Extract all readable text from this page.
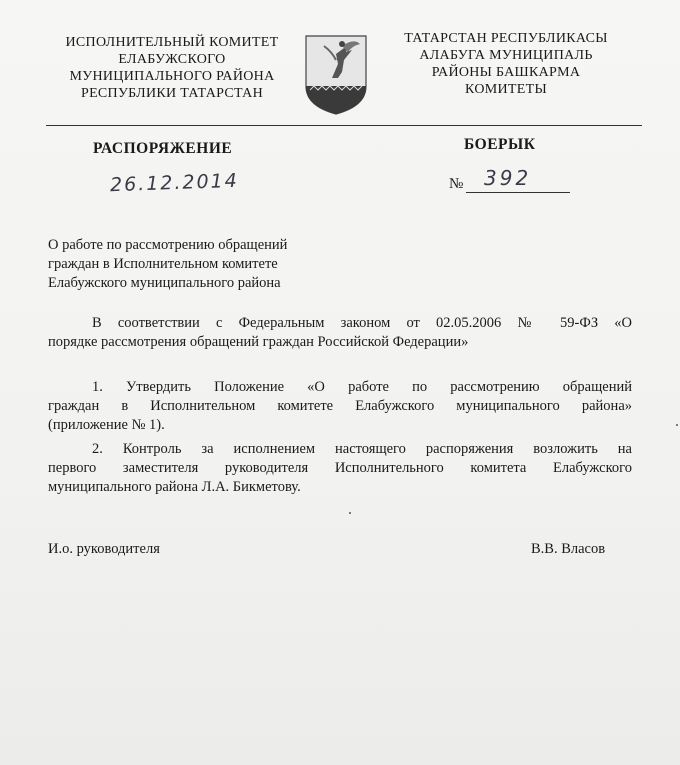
ИСПОЛНИТЕЛЬНЫЙ КОМИТЕТ
ЕЛАБУЖСКОГО
МУНИЦИПАЛЬНОГО РАЙОНА
РЕСПУБЛИКИ ТАТАРСТАН
ТАТАРСТАН РЕСПУБЛИКАСЫ
АЛАБУГА МУНИЦИПАЛЬ
РАЙОНЫ БАШКАРМА
КОМИТЕТЫ
РАСПОРЯЖЕНИЕ	БОЕРЫК
26.12.2014	№ 392
О работе по рассмотрению обращений
граждан в Исполнительном комитете
Елабужского муниципального района
В соответствии с Федеральным законом от 02.05.2006 № 59-ФЗ «О
порядке рассмотрения обращений граждан Российской Федерации»
1. Утвердить Положение «О работе по рассмотрению обращений
граждан в Исполнительном комитете Елабужского муниципального района»
(приложение № 1).
2. Контроль за исполнением настоящего распоряжения возложить на
первого заместителя руководителя Исполнительного комитета Елабужского
муниципального района Л.А. Бикметову.
И.о. руководителя	В.В. Власов
